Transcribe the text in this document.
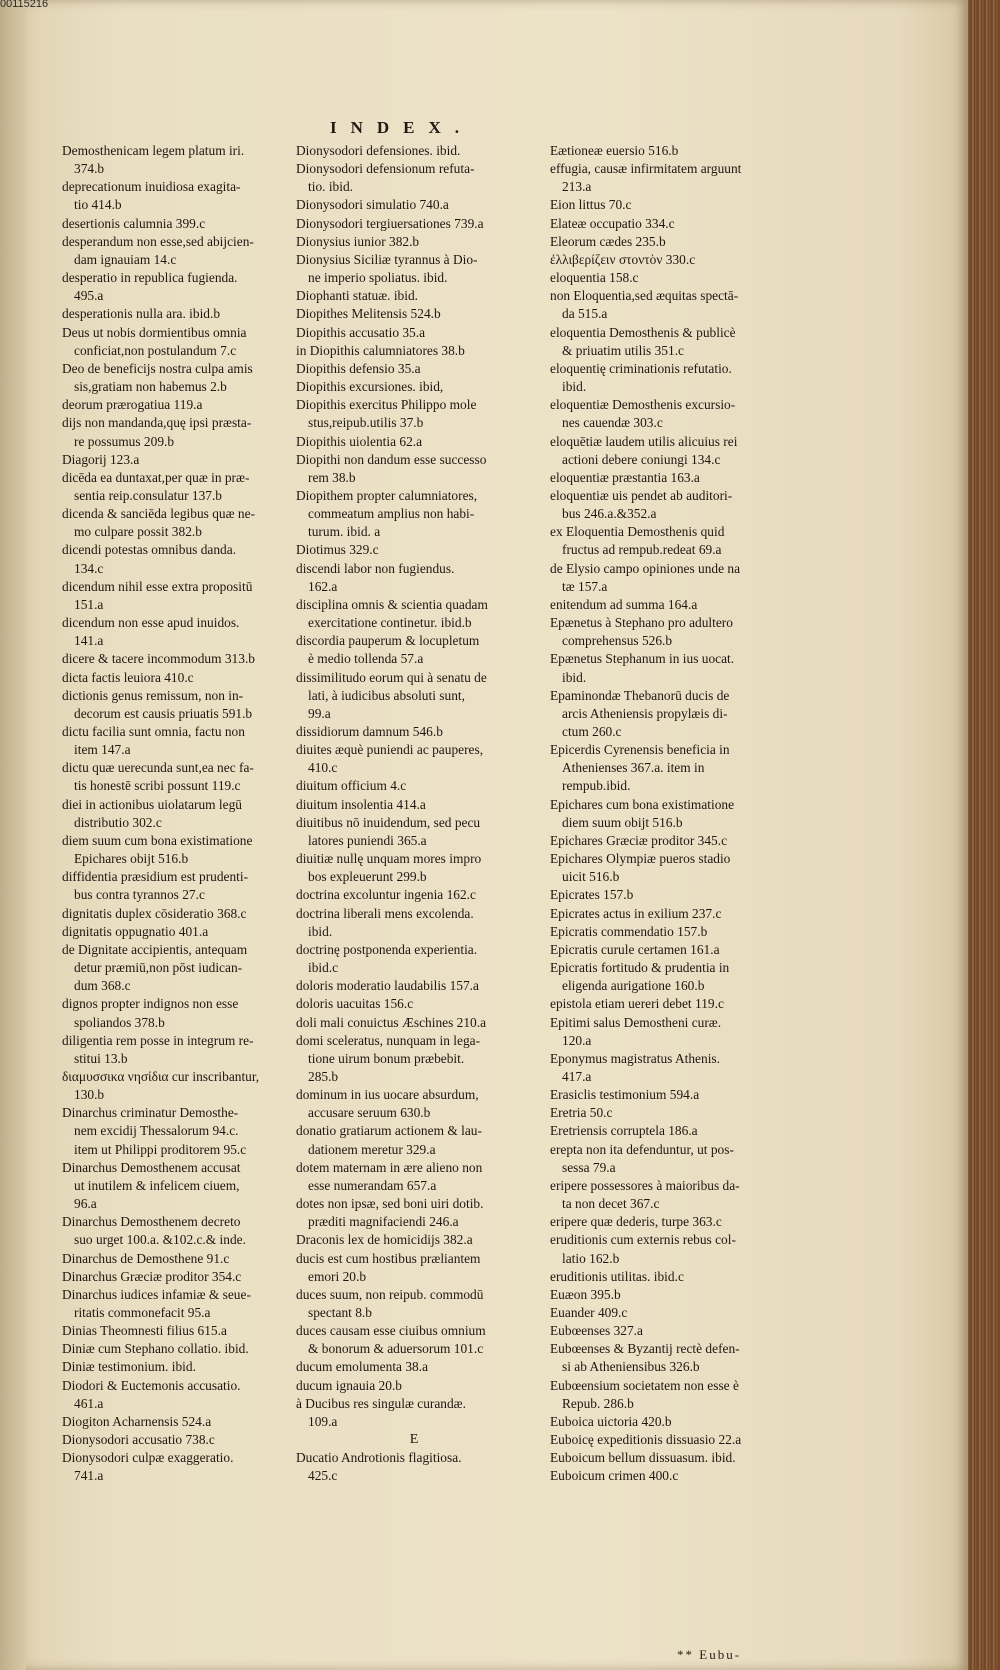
00115216
INDEX.
Demosthenicam legem platum iri.
374.b
deprecationum inuidiosa exagita-
tio 414.b
desertionis calumnia 399.c
desperandum non esse,sed abijcien-
dam ignauiam 14.c
desperatio in republica fugienda.
495.a
desperationis nulla ara. ibid.b
Deus ut nobis dormientibus omnia
conficiat,non postulandum 7.c
Deo de beneficijs nostra culpa amis
sis,gratiam non habemus 2.b
deorum prærogatiua 119.a
dijs non mandanda,quę ipsi præsta-
re possumus 209.b
Diagorij 123.a
dicēda ea duntaxat,per quæ in præ-
sentia reip.consulatur 137.b
dicenda & sanciēda legibus quæ ne-
mo culpare possit 382.b
dicendi potestas omnibus danda.
134.c
dicendum nihil esse extra propositū
151.a
dicendum non esse apud inuidos.
141.a
dicere & tacere incommodum 313.b
dicta factis leuiora 410.c
dictionis genus remissum, non in-
decorum est causis priuatis 591.b
dictu facilia sunt omnia, factu non
item 147.a
dictu quæ uerecunda sunt,ea nec fa-
tis honestē scribi possunt 119.c
diei in actionibus uiolatarum legū
distributio 302.c
diem suum cum bona existimatione
Epichares obijt 516.b
diffidentia præsidium est prudenti-
bus contra tyrannos 27.c
dignitatis duplex cōsideratio 368.c
dignitatis oppugnatio 401.a
de Dignitate accipientis, antequam
detur præmiū,non pōst iudican-
dum 368.c
dignos propter indignos non esse
spoliandos 378.b
diligentia rem posse in integrum re-
stitui 13.b
διαμυσσικα νησίδια cur inscribantur,
130.b
Dinarchus criminatur Demosthe-
nem excidij Thessalorum 94.c.
item ut Philippi proditorem 95.c
Dinarchus Demosthenem accusat
ut inutilem & infelicem ciuem,
96.a
Dinarchus Demosthenem decreto
suo urget 100.a. &102.c.& inde.
Dinarchus de Demosthene 91.c
Dinarchus Græciæ proditor 354.c
Dinarchus iudices infamiæ & seue-
ritatis commonefacit 95.a
Dinias Theomnesti filius 615.a
Diniæ cum Stephano collatio. ibid.
Diniæ testimonium. ibid.
Diodori & Euctemonis accusatio.
461.a
Diogiton Acharnensis 524.a
Dionysodori accusatio 738.c
Dionysodori culpæ exaggeratio.
741.a
Dionysodori defensiones. ibid.
Dionysodori defensionum refuta-
tio. ibid.
Dionysodori simulatio 740.a
Dionysodori tergiuersationes 739.a
Dionysius iunior 382.b
Dionysius Siciliæ tyrannus à Dio-
ne imperio spoliatus. ibid.
Diophanti statuæ. ibid.
Diopithes Melitensis 524.b
Diopithis accusatio 35.a
in Diopithis calumniatores 38.b
Diopithis defensio 35.a
Diopithis excursiones. ibid,
Diopithis exercitus Philippo mole
stus,reipub.utilis 37.b
Diopithis uiolentia 62.a
Diopithi non dandum esse successo
rem 38.b
Diopithem propter calumniatores,
commeatum amplius non habi-
turum. ibid. a
Diotimus 329.c
discendi labor non fugiendus.
162.a
disciplina omnis & scientia quadam
exercitatione continetur. ibid.b
discordia pauperum & locupletum
è medio tollenda 57.a
dissimilitudo eorum qui à senatu de
lati, à iudicibus absoluti sunt,
99.a
dissidiorum damnum 546.b
diuites æquè puniendi ac pauperes,
410.c
diuitum officium 4.c
diuitum insolentia 414.a
diuitibus nō inuidendum, sed pecu
latores puniendi 365.a
diuitiæ nullę unquam mores impro
bos expleuerunt 299.b
doctrina excoluntur ingenia 162.c
doctrina liberali mens excolenda.
ibid.
doctrinę postponenda experientia.
ibid.c
doloris moderatio laudabilis 157.a
doloris uacuitas 156.c
doli mali conuictus Æschines 210.a
domi sceleratus, nunquam in lega-
tione uirum bonum præbebit.
285.b
dominum in ius uocare absurdum,
accusare seruum 630.b
donatio gratiarum actionem & lau-
dationem meretur 329.a
dotem maternam in ære alieno non
esse numerandam 657.a
dotes non ipsæ, sed boni uiri dotib.
præditi magnifaciendi 246.a
Draconis lex de homicidijs 382.a
ducis est cum hostibus præliantem
emori 20.b
duces suum, non reipub. commodū
spectant 8.b
duces causam esse ciuibus omnium
& bonorum & aduersorum 101.c
ducum emolumenta 38.a
ducum ignauia 20.b
à Ducibus res singulæ curandæ.
109.a
E
Ducatio Androtionis flagitiosa.
425.c
Eætioneæ euersio 516.b
effugia, causæ infirmitatem arguunt
213.a
Eion littus 70.c
Elateæ occupatio 334.c
Eleorum cædes 235.b
ἐλλιβερίζειν στοντὸν 330.c
eloquentia 158.c
non Eloquentia,sed æquitas spectā-
da 515.a
eloquentia Demosthenis & publicè
& priuatim utilis 351.c
eloquentię criminationis refutatio.
ibid.
eloquentiæ Demosthenis excursio-
nes cauendæ 303.c
eloquētiæ laudem utilis alicuius rei
actioni debere coniungi 134.c
eloquentiæ præstantia 163.a
eloquentiæ uis pendet ab auditori-
bus 246.a.&352.a
ex Eloquentia Demosthenis quid
fructus ad rempub.redeat 69.a
de Elysio campo opiniones unde na
tæ 157.a
enitendum ad summa 164.a
Epænetus à Stephano pro adultero
comprehensus 526.b
Epænetus Stephanum in ius uocat.
ibid.
Epaminondæ Thebanorū ducis de
arcis Atheniensis propylæis di-
ctum 260.c
Epicerdis Cyrenensis beneficia in
Athenienses 367.a. item in
rempub.ibid.
Epichares cum bona existimatione
diem suum obijt 516.b
Epichares Græciæ proditor 345.c
Epichares Olympiæ pueros stadio
uicit 516.b
Epicrates 157.b
Epicrates actus in exilium 237.c
Epicratis commendatio 157.b
Epicratis curule certamen 161.a
Epicratis fortitudo & prudentia in
eligenda aurigatione 160.b
epistola etiam uereri debet 119.c
Epitimi salus Demostheni curæ.
120.a
Eponymus magistratus Athenis.
417.a
Erasiclis testimonium 594.a
Eretria 50.c
Eretriensis corruptela 186.a
erepta non ita defenduntur, ut pos-
sessa 79.a
eripere possessores à maioribus da-
ta non decet 367.c
eripere quæ dederis, turpe 363.c
eruditionis cum externis rebus col-
latio 162.b
eruditionis utilitas. ibid.c
Euæon 395.b
Euander 409.c
Eubœenses 327.a
Eubœenses & Byzantij rectè defen-
si ab Atheniensibus 326.b
Eubœensium societatem non esse è
Repub. 286.b
Euboica uictoria 420.b
Euboicę expeditionis dissuasio 22.a
Euboicum bellum dissuasum. ibid.
Euboicum crimen 400.c
** Eubu-
